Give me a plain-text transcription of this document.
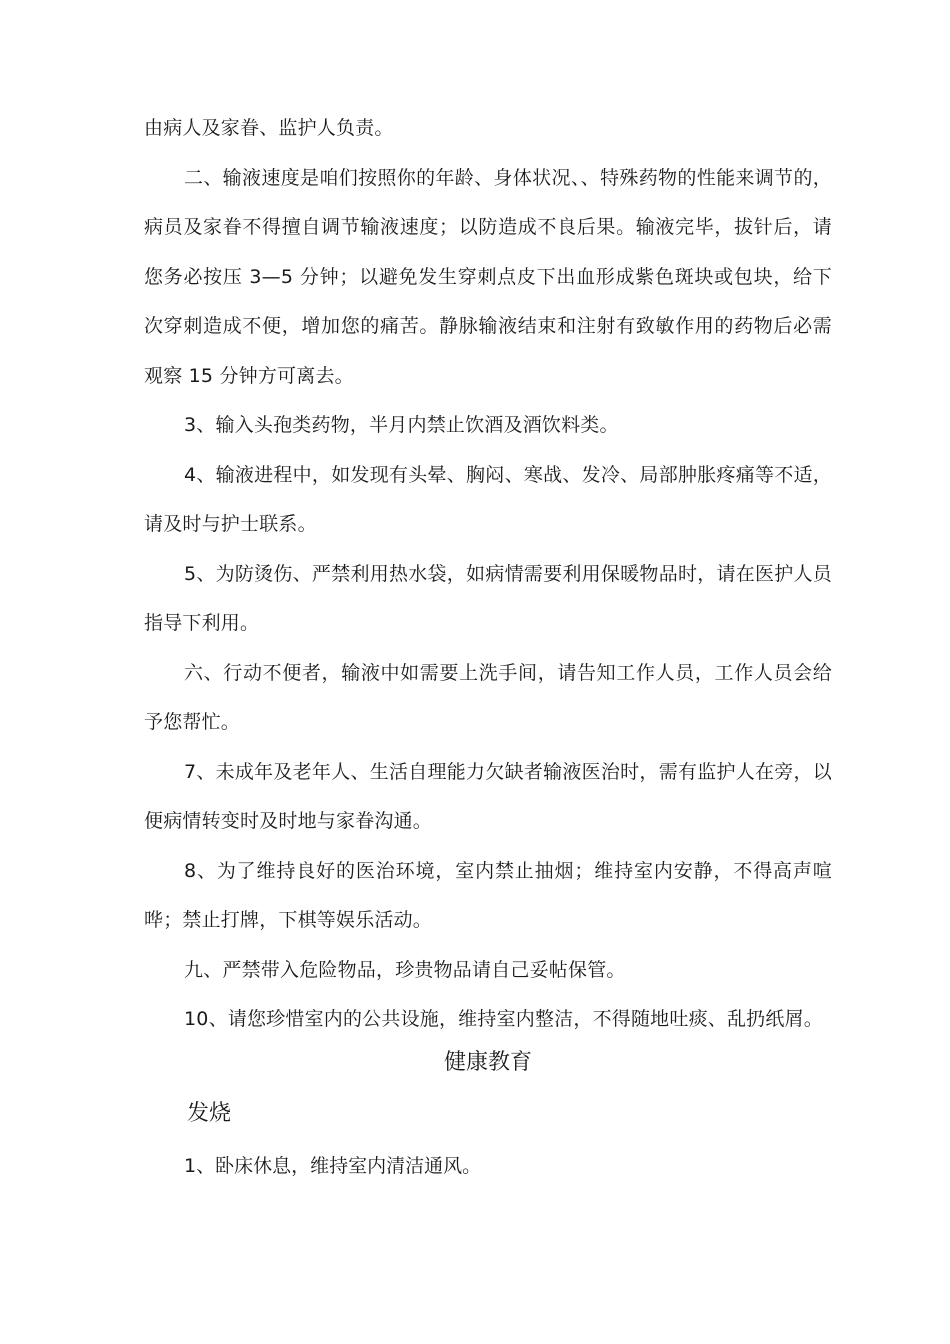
由病人及家眷、监护人负责。

二、输液速度是咱们按照你的年龄、身体状况、、特殊药物的性能来调节的，病员及家眷不得擅自调节输液速度；以防造成不良后果。输液完毕，拔针后，请您务必按压 3—5 分钟；以避免发生穿刺点皮下出血形成紫色斑块或包块，给下次穿刺造成不便，增加您的痛苦。静脉输液结束和注射有致敏作用的药物后必需观察 15 分钟方可离去。

3、输入头孢类药物，半月内禁止饮酒及酒饮料类。

4、输液进程中，如发现有头晕、胸闷、寒战、发冷、局部肿胀疼痛等不适，请及时与护士联系。

5、为防烫伤、严禁利用热水袋，如病情需要利用保暖物品时，请在医护人员指导下利用。

六、行动不便者，输液中如需要上洗手间，请告知工作人员，工作人员会给予您帮忙。

7、未成年及老年人、生活自理能力欠缺者输液医治时，需有监护人在旁，以便病情转变时及时地与家眷沟通。

8、为了维持良好的医治环境，室内禁止抽烟；维持室内安静，不得高声喧哗；禁止打牌，下棋等娱乐活动。

九、严禁带入危险物品，珍贵物品请自己妥帖保管。

10、请您珍惜室内的公共设施，维持室内整洁，不得随地吐痰、乱扔纸屑。

健康教育
发烧
1、卧床休息，维持室内清洁通风。
